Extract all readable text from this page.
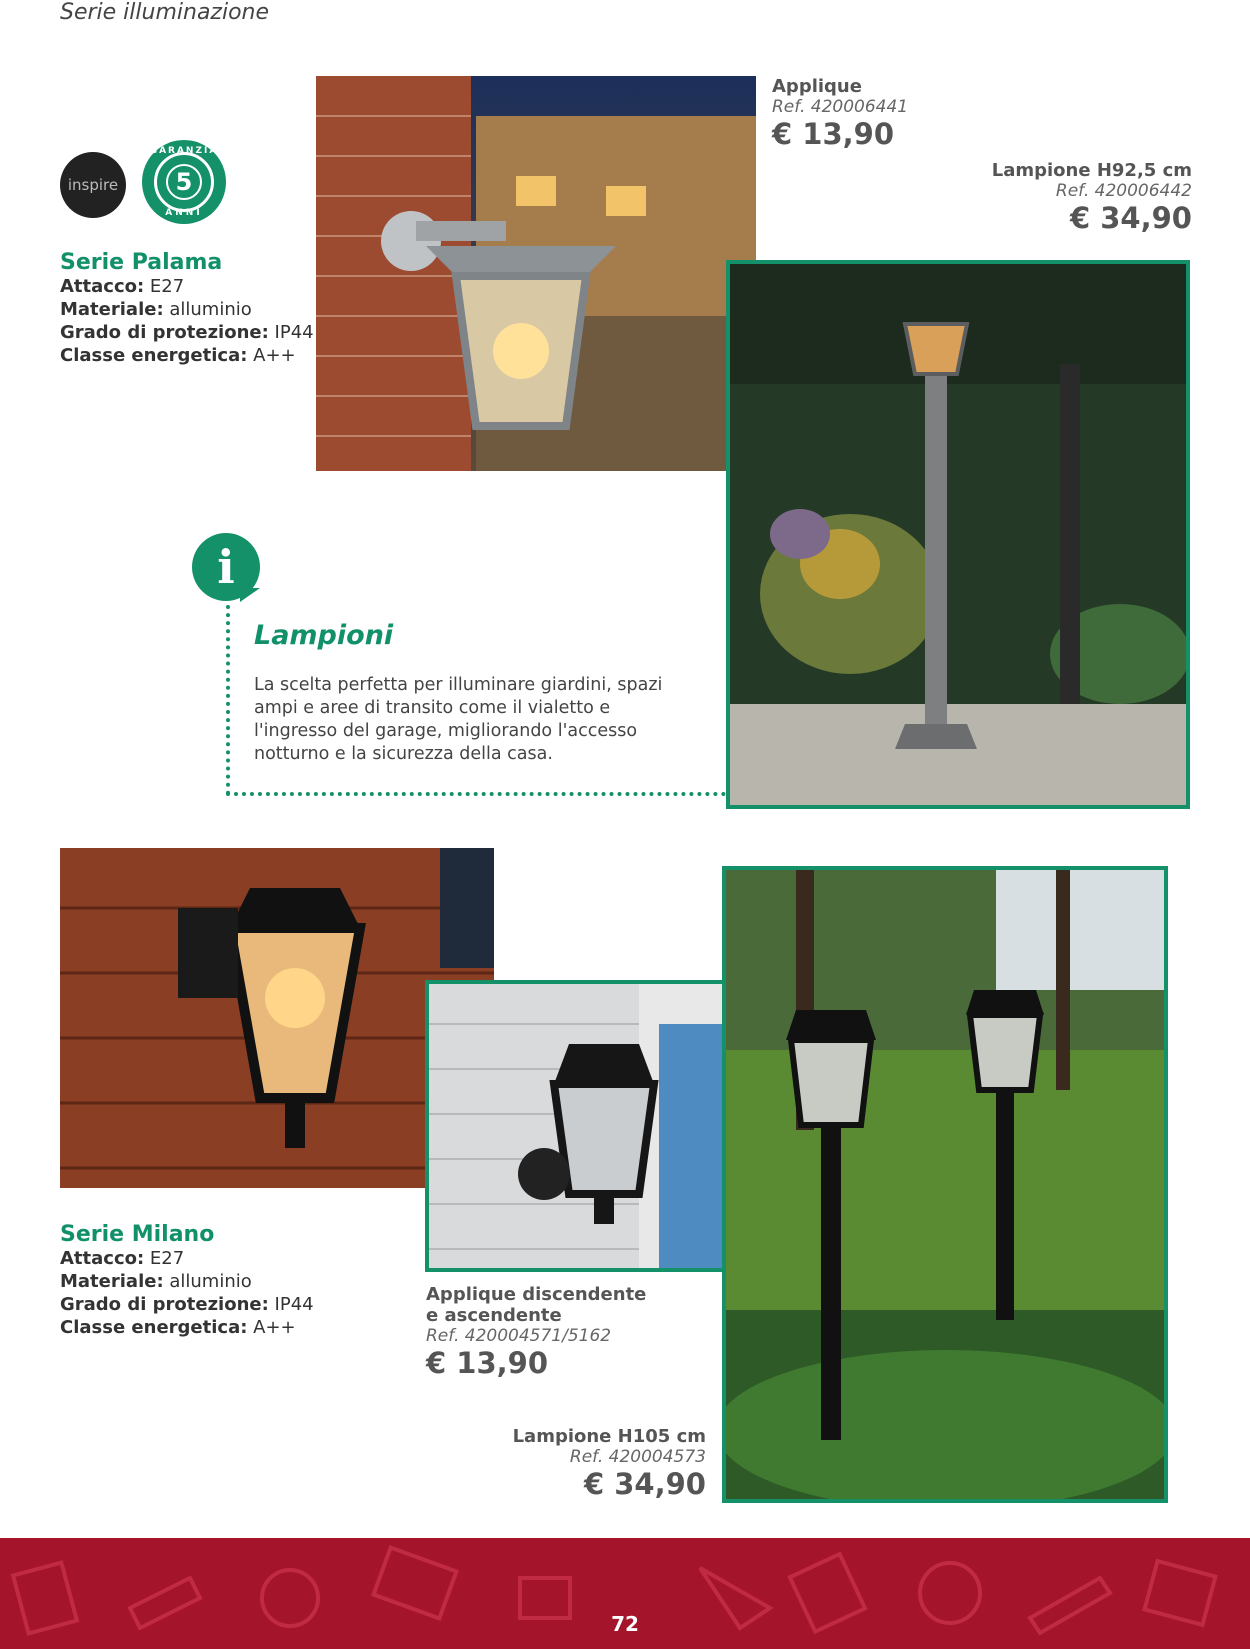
Serie illuminazione
inspire
GARANZIA
5
ANNI
Serie Palama
Attacco: E27
Materiale: alluminio
Grado di protezione: IP44
Classe energetica: A++
Applique
Ref. 420006441
€ 13,90
Lampione H92,5 cm
Ref. 420006442
€ 34,90
i
Lampioni
La scelta perfetta per illuminare giardini, spazi ampi e aree di transito come il vialetto e l'ingresso del garage, migliorando l'accesso notturno e la sicurezza della casa.
Serie Milano
Attacco: E27
Materiale: alluminio
Grado di protezione: IP44
Classe energetica: A++
Applique discendente
e ascendente
Ref. 420004571/5162
€ 13,90
Lampione H105 cm
Ref. 420004573
€ 34,90
72
